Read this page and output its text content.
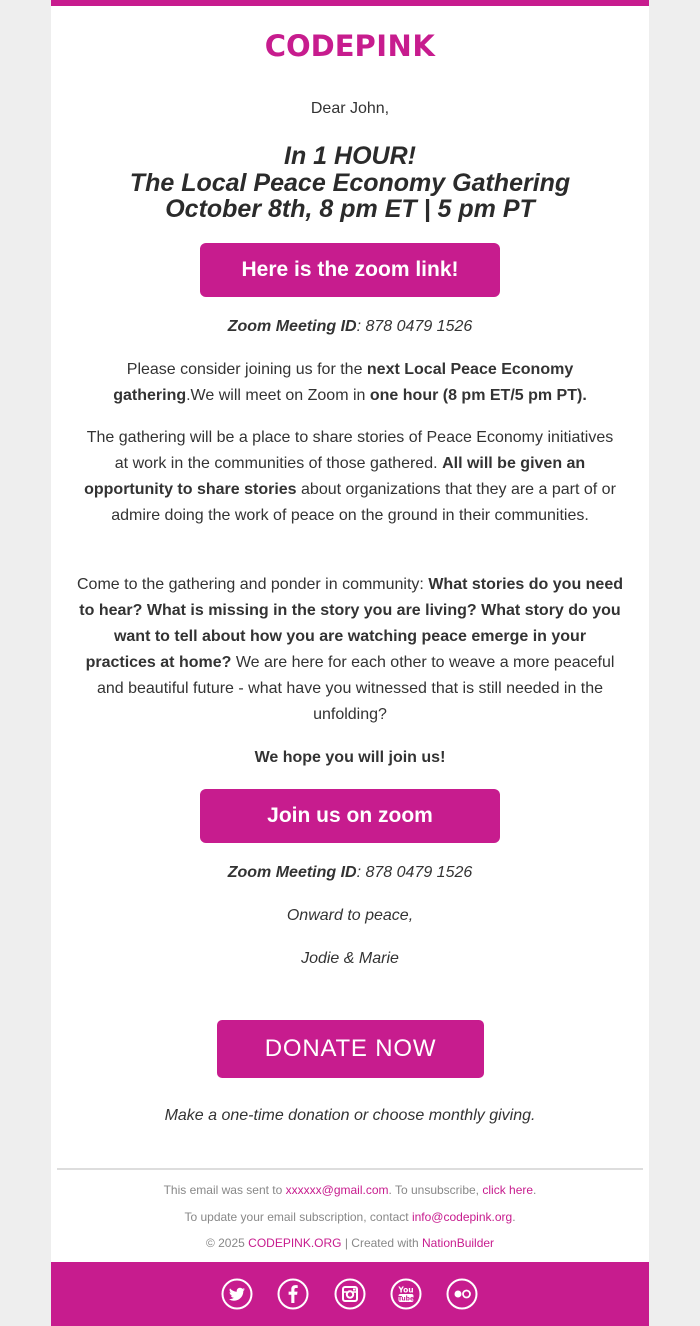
CODEPINK
Dear John,
In 1 HOUR!
The Local Peace Economy Gathering
October 8th, 8 pm ET | 5 pm PT
Here is the zoom link!
Zoom Meeting ID: 878 0479 1526
Please consider joining us for the next Local Peace Economy gathering.We will meet on Zoom in one hour (8 pm ET/5 pm PT).
The gathering will be a place to share stories of Peace Economy initiatives at work in the communities of those gathered. All will be given an opportunity to share stories about organizations that they are a part of or admire doing the work of peace on the ground in their communities.
Come to the gathering and ponder in community: What stories do you need to hear? What is missing in the story you are living? What story do you want to tell about how you are watching peace emerge in your practices at home? We are here for each other to weave a more peaceful and beautiful future - what have you witnessed that is still needed in the unfolding?
We hope you will join us!
Join us on zoom
Zoom Meeting ID: 878 0479 1526
Onward to peace,
Jodie & Marie
DONATE NOW
Make a one-time donation or choose monthly giving.
This email was sent to xxxxxx@gmail.com. To unsubscribe, click here.
To update your email subscription, contact info@codepink.org.
© 2025 CODEPINK.ORG | Created with NationBuilder
You
Tube
